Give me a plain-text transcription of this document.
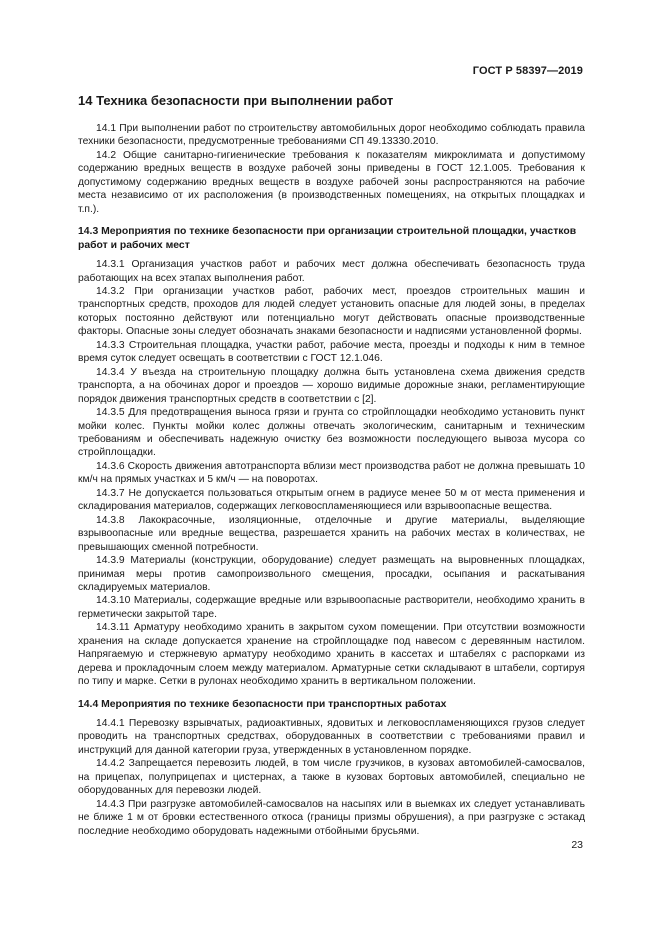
ГОСТ Р 58397—2019
14 Техника безопасности при выполнении работ

14.1 При выполнении работ по строительству автомобильных дорог необходимо соблюдать правила техники безопасности, предусмотренные требованиями СП 49.13330.2010.

14.2 Общие санитарно-гигиенические требования к показателям микроклимата и допустимому содержанию вредных веществ в воздухе рабочей зоны приведены в ГОСТ 12.1.005. Требования к допустимому содержанию вредных веществ в воздухе рабочей зоны распространяются на рабочие места независимо от их расположения (в производственных помещениях, на открытых площадках и т.п.).

14.3 Мероприятия по технике безопасности при организации строительной площадки, участков работ и рабочих мест

14.3.1 Организация участков работ и рабочих мест должна обеспечивать безопасность труда работающих на всех этапах выполнения работ.

14.3.2 При организации участков работ, рабочих мест, проездов строительных машин и транспортных средств, проходов для людей следует установить опасные для людей зоны, в пределах которых постоянно действуют или потенциально могут действовать опасные производственные факторы. Опасные зоны следует обозначать знаками безопасности и надписями установленной формы.

14.3.3 Строительная площадка, участки работ, рабочие места, проезды и подходы к ним в темное время суток следует освещать в соответствии с ГОСТ 12.1.046.

14.3.4 У въезда на строительную площадку должна быть установлена схема движения средств транспорта, а на обочинах дорог и проездов — хорошо видимые дорожные знаки, регламентирующие порядок движения транспортных средств в соответствии с [2].

14.3.5 Для предотвращения выноса грязи и грунта со стройплощадки необходимо установить пункт мойки колес. Пункты мойки колес должны отвечать экологическим, санитарным и техническим требованиям и обеспечивать надежную очистку без возможности последующего вывоза мусора со стройплощадки.

14.3.6 Скорость движения автотранспорта вблизи мест производства работ не должна превышать 10 км/ч на прямых участках и 5 км/ч — на поворотах.

14.3.7 Не допускается пользоваться открытым огнем в радиусе менее 50 м от места применения и складирования материалов, содержащих легковоспламеняющиеся или взрывоопасные вещества.

14.3.8 Лакокрасочные, изоляционные, отделочные и другие материалы, выделяющие взрывоопасные или вредные вещества, разрешается хранить на рабочих местах в количествах, не превышающих сменной потребности.

14.3.9 Материалы (конструкции, оборудование) следует размещать на выровненных площадках, принимая меры против самопроизвольного смещения, просадки, осыпания и раскатывания складируемых материалов.

14.3.10 Материалы, содержащие вредные или взрывоопасные растворители, необходимо хранить в герметически закрытой таре.

14.3.11 Арматуру необходимо хранить в закрытом сухом помещении. При отсутствии возможности хранения на складе допускается хранение на стройплощадке под навесом с деревянным настилом. Напрягаемую и стержневую арматуру необходимо хранить в кассетах и штабелях с распорками из дерева и прокладочным слоем между материалом. Арматурные сетки складывают в штабели, сортируя по типу и марке. Сетки в рулонах необходимо хранить в вертикальном положении.

14.4 Мероприятия по технике безопасности при транспортных работах

14.4.1 Перевозку взрывчатых, радиоактивных, ядовитых и легковоспламеняющихся грузов следует проводить на транспортных средствах, оборудованных в соответствии с требованиями правил и инструкций для данной категории груза, утвержденных в установленном порядке.

14.4.2 Запрещается перевозить людей, в том числе грузчиков, в кузовах автомобилей-самосвалов, на прицепах, полуприцепах и цистернах, а также в кузовах бортовых автомобилей, специально не оборудованных для перевозки людей.

14.4.3 При разгрузке автомобилей-самосвалов на насыпях или в выемках их следует устанавливать не ближе 1 м от бровки естественного откоса (границы призмы обрушения), а при разгрузке с эстакад последние необходимо оборудовать надежными отбойными брусьями.

23
